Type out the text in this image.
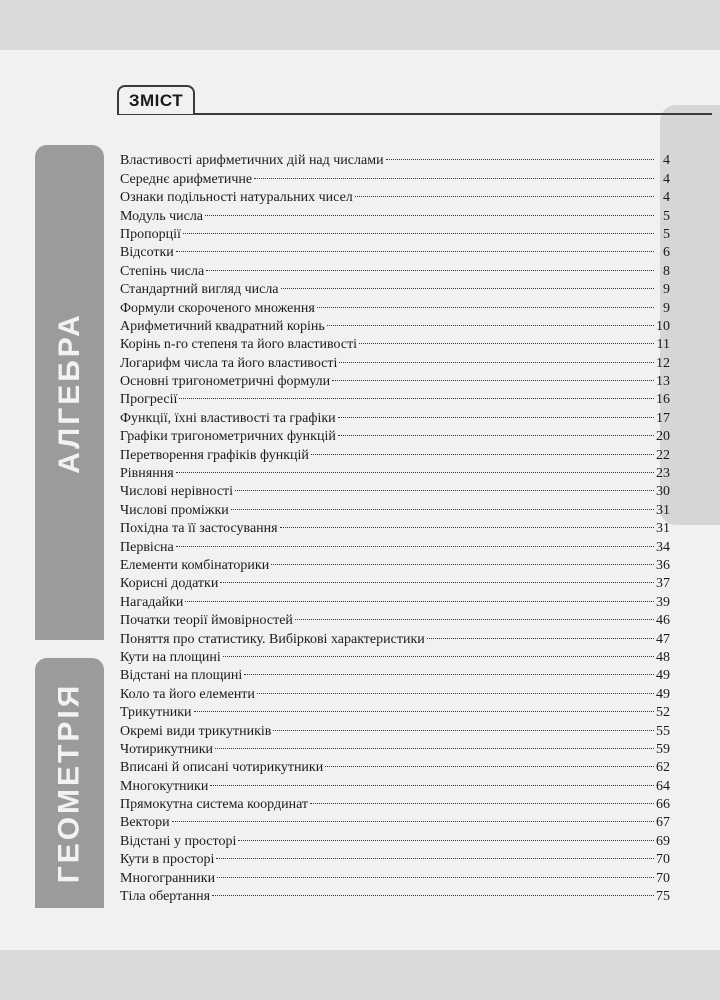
ЗМІСТ
АЛГЕБРА
ГЕОМЕТРІЯ
Властивості арифметичних дій над числами	4
Середнє арифметичне	4
Ознаки подільності натуральних чисел	4
Модуль числа	5
Пропорції	5
Відсотки	6
Степінь числа	8
Стандартний вигляд числа	9
Формули скороченого множення	9
Арифметичний квадратний корінь	10
Корінь n-го степеня та його властивості	11
Логарифм числа та його властивості	12
Основні тригонометричні формули	13
Прогресії	16
Функції, їхні властивості та графіки	17
Графіки тригонометричних функцій	20
Перетворення графіків функцій	22
Рівняння	23
Числові нерівності	30
Числові проміжки	31
Похідна та її застосування	31
Первісна	34
Елементи комбінаторики	36
Корисні додатки	37
Нагадайки	39
Початки теорії ймовірностей	46
Поняття про статистику. Вибіркові характеристики	47
Кути на площині	48
Відстані на площині	49
Коло та його елементи	49
Трикутники	52
Окремі види трикутників	55
Чотирикутники	59
Вписані й описані чотирикутники	62
Многокутники	64
Прямокутна система координат	66
Вектори	67
Відстані у просторі	69
Кути в просторі	70
Многогранники	70
Тіла обертання	75
